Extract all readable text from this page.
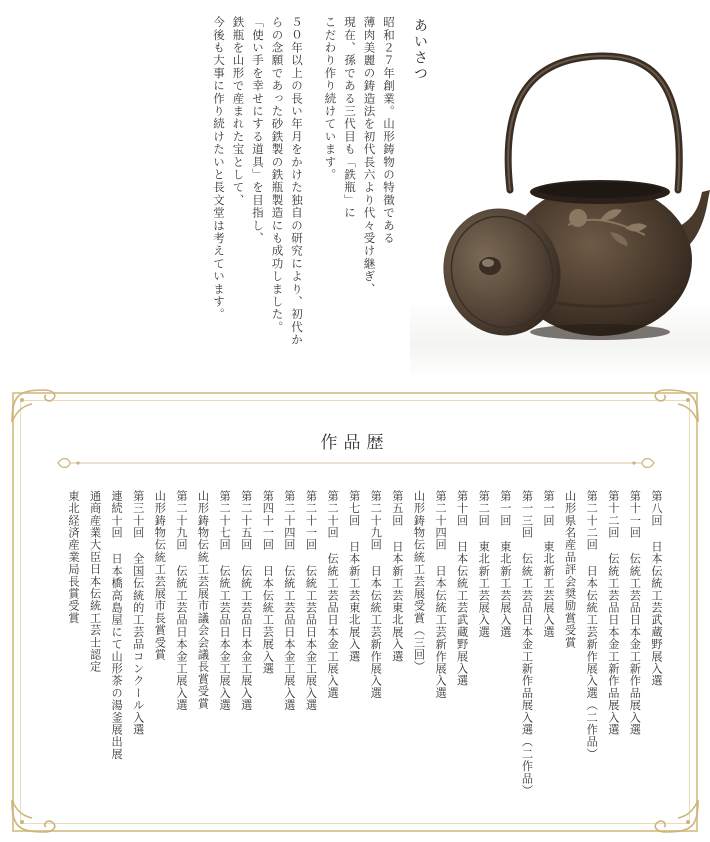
あいさつ
昭和２７年創業。山形鋳物の特徴である
薄肉美麗の鋳造法を初代長六より代々受け継ぎ、
現在、孫である三代目も「鉄瓶」に
こだわり作り続けています。
５０年以上の長い年月をかけた独自の研究により、初代か
らの念願であった砂鉄製の鉄瓶製造にも成功しました。
「使い手を幸せにする道具」を目指し、
鉄瓶を山形で産まれた宝として、
今後も大事に作り続けたいと長文堂は考えています。
作品歴
第八回 日本伝統工芸武蔵野展入選
第十一回 伝統工芸品日本金工新作品展入選
第十二回 伝統工芸品日本金工新作品展入選
第二十二回 日本伝統工芸新作展入選（二作品）
山形県名産品評会奨励賞受賞
第一回 東北新工芸展入選
第一三回 伝統工芸品日本金工新作品展入選（二作品）
第一回 東北新工芸展入選
第二回 東北新工芸展入選
第十回 日本伝統工芸武蔵野展入選
第二十四回 日本伝統工芸新作展入選
山形鋳物伝統工芸展受賞（三回）
第五回 日本新工芸東北展入選
第二十九回 日本伝統工芸新作展入選
第七回 日本新工芸東北展入選
第二十回 伝統工芸品日本金工展入選
第二十一回 伝統工芸品日本金工展入選
第二十四回 伝統工芸品日本金工展入選
第四十一回 日本伝統工芸展入選
第二十五回 伝統工芸品日本金工展入選
第二十七回 伝統工芸品日本金工展入選
山形鋳物伝統工芸展市議会会議長賞受賞
第二十九回 伝統工芸品日本金工展入選
山形鋳物伝統工芸展市長賞受賞
第三十回 全国伝統的工芸品コンクール入選
連続十回 日本橋高島屋にて山形茶の湯釜展出展
通商産業大臣日本伝統工芸士認定
東北経済産業局長賞受賞
